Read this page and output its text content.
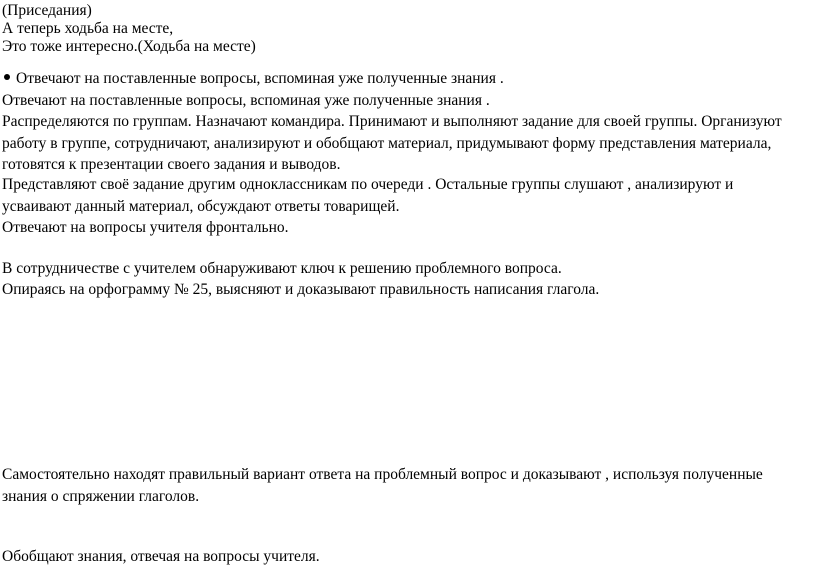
(Приседания)
А теперь ходьба на месте,
Это тоже интересно.(Ходьба на месте)
Отвечают на поставленные вопросы, вспоминая уже полученные знания .
Отвечают на поставленные вопросы, вспоминая уже полученные знания .
Распределяются по группам. Назначают командира. Принимают и выполняют задание для своей группы. Организуют
работу в группе, сотрудничают, анализируют и обобщают материал, придумывают форму представления материала,
готовятся к презентации своего задания и выводов.
Представляют своё задание другим одноклассникам по очереди . Остальные группы слушают , анализируют и
усваивают данный материал, обсуждают ответы товарищей.
Отвечают на вопросы учителя фронтально.
В сотрудничестве с учителем обнаруживают ключ к решению проблемного вопроса.
Опираясь на орфограмму № 25, выясняют и доказывают правильность написания глагола.
Самостоятельно находят правильный вариант ответа на проблемный вопрос и доказывают , используя полученные
знания о спряжении глаголов.
Обобщают знания, отвечая на вопросы учителя.
